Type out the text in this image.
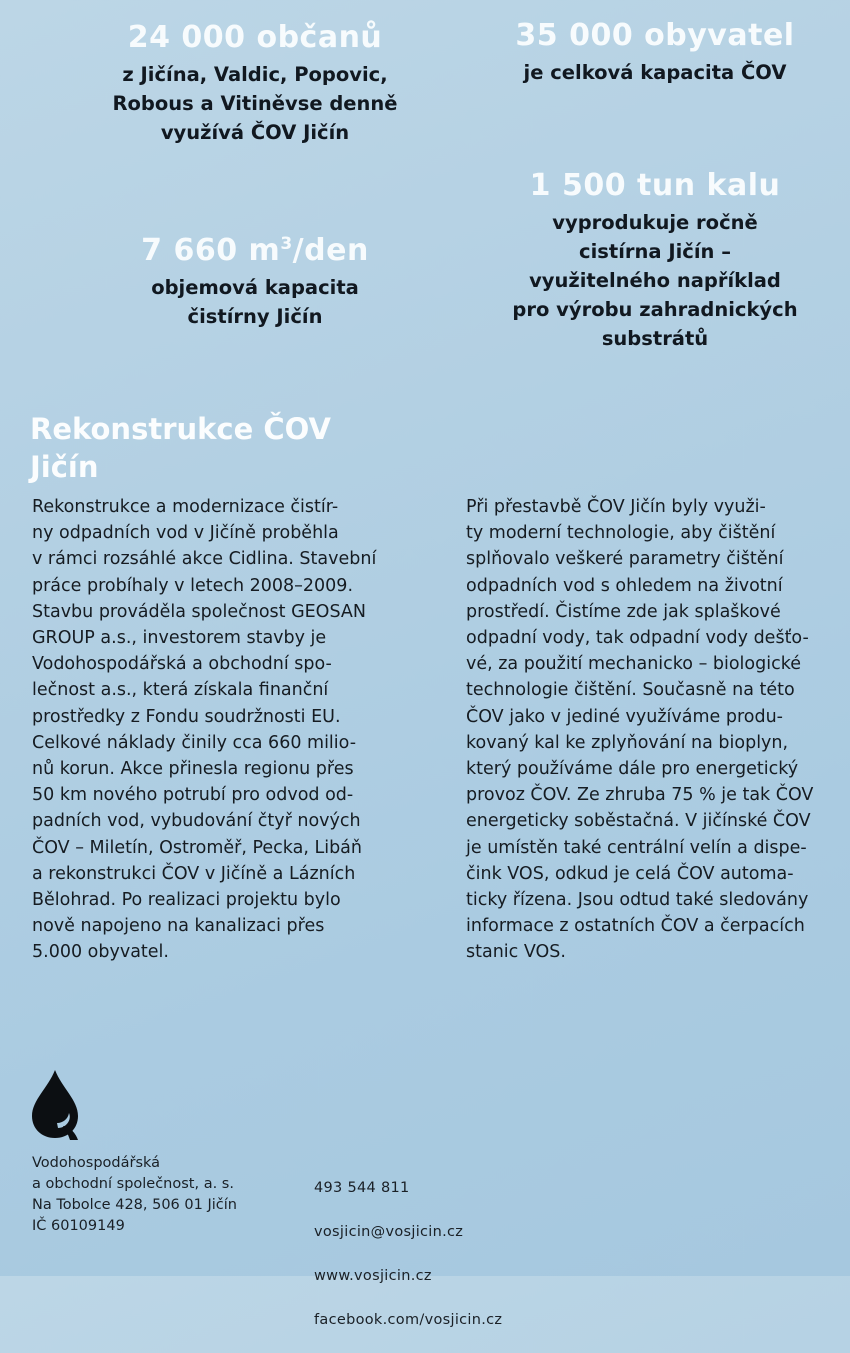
24 000 občanů
z Jičína, Valdic, Popovic,
Robous a Vitiněvse denně
využívá ČOV Jičín
35 000 obyvatel
je celková kapacita ČOV
1 500 tun kalu
vyprodukuje ročně
cistírna Jičín –
využitelného například
pro výrobu zahradnických
substrátů
7 660 $m^3$/den
objemová kapacita
čistírny Jičín
Rekonstrukce ČOV Jičín
Rekonstrukce a modernizace čistír-
ny odpadních vod v Jičíně proběhla
v rámci rozsáhlé akce Cidlina. Stavební
práce probíhaly v letech 2008–2009.
Stavbu prováděla společnost GEOSAN
GROUP a.s., investorem stavby je
Vodohospodářská a obchodní spo-
lečnost a.s., která získala finanční
prostředky z Fondu soudržnosti EU.
Celkové náklady činily cca 660 milio-
nů korun. Akce přinesla regionu přes
50 km nového potrubí pro odvod od-
padních vod, vybudování čtyř nových
ČOV – Miletín, Ostroměř, Pecka, Libáň
a rekonstrukci ČOV v Jičíně a Lázních
Bělohrad. Po realizaci projektu bylo
nově napojeno na kanalizaci přes
5.000 obyvatel.
Při přestavbě ČOV Jičín byly využi-
ty moderní technologie, aby čištění
splňovalo veškeré parametry čištění
odpadních vod s ohledem na životní
prostředí. Čistíme zde jak splaškové
odpadní vody, tak odpadní vody dešťo-
vé, za použití mechanicko – biologické
technologie čištění. Současně na této
ČOV jako v jediné využíváme produ-
kovaný kal ke zplyňování na bioplyn,
který používáme dále pro energetický
provoz ČOV. Ze zhruba 75 % je tak ČOV
energeticky soběstačná. V jičínské ČOV
je umístěn také centrální velín a dispe-
čink VOS, odkud je celá ČOV automa-
ticky řízena. Jsou odtud také sledovány
informace z ostatních ČOV a čerpacích
stanic VOS.
Vodohospodářská
a obchodní společnost, a. s.
Na Tobolce 428, 506 01 Jičín
IČ 60109149

493 544 811

vosjicin@vosjicin.cz

www.vosjicin.cz

facebook.com/vosjicin.cz
